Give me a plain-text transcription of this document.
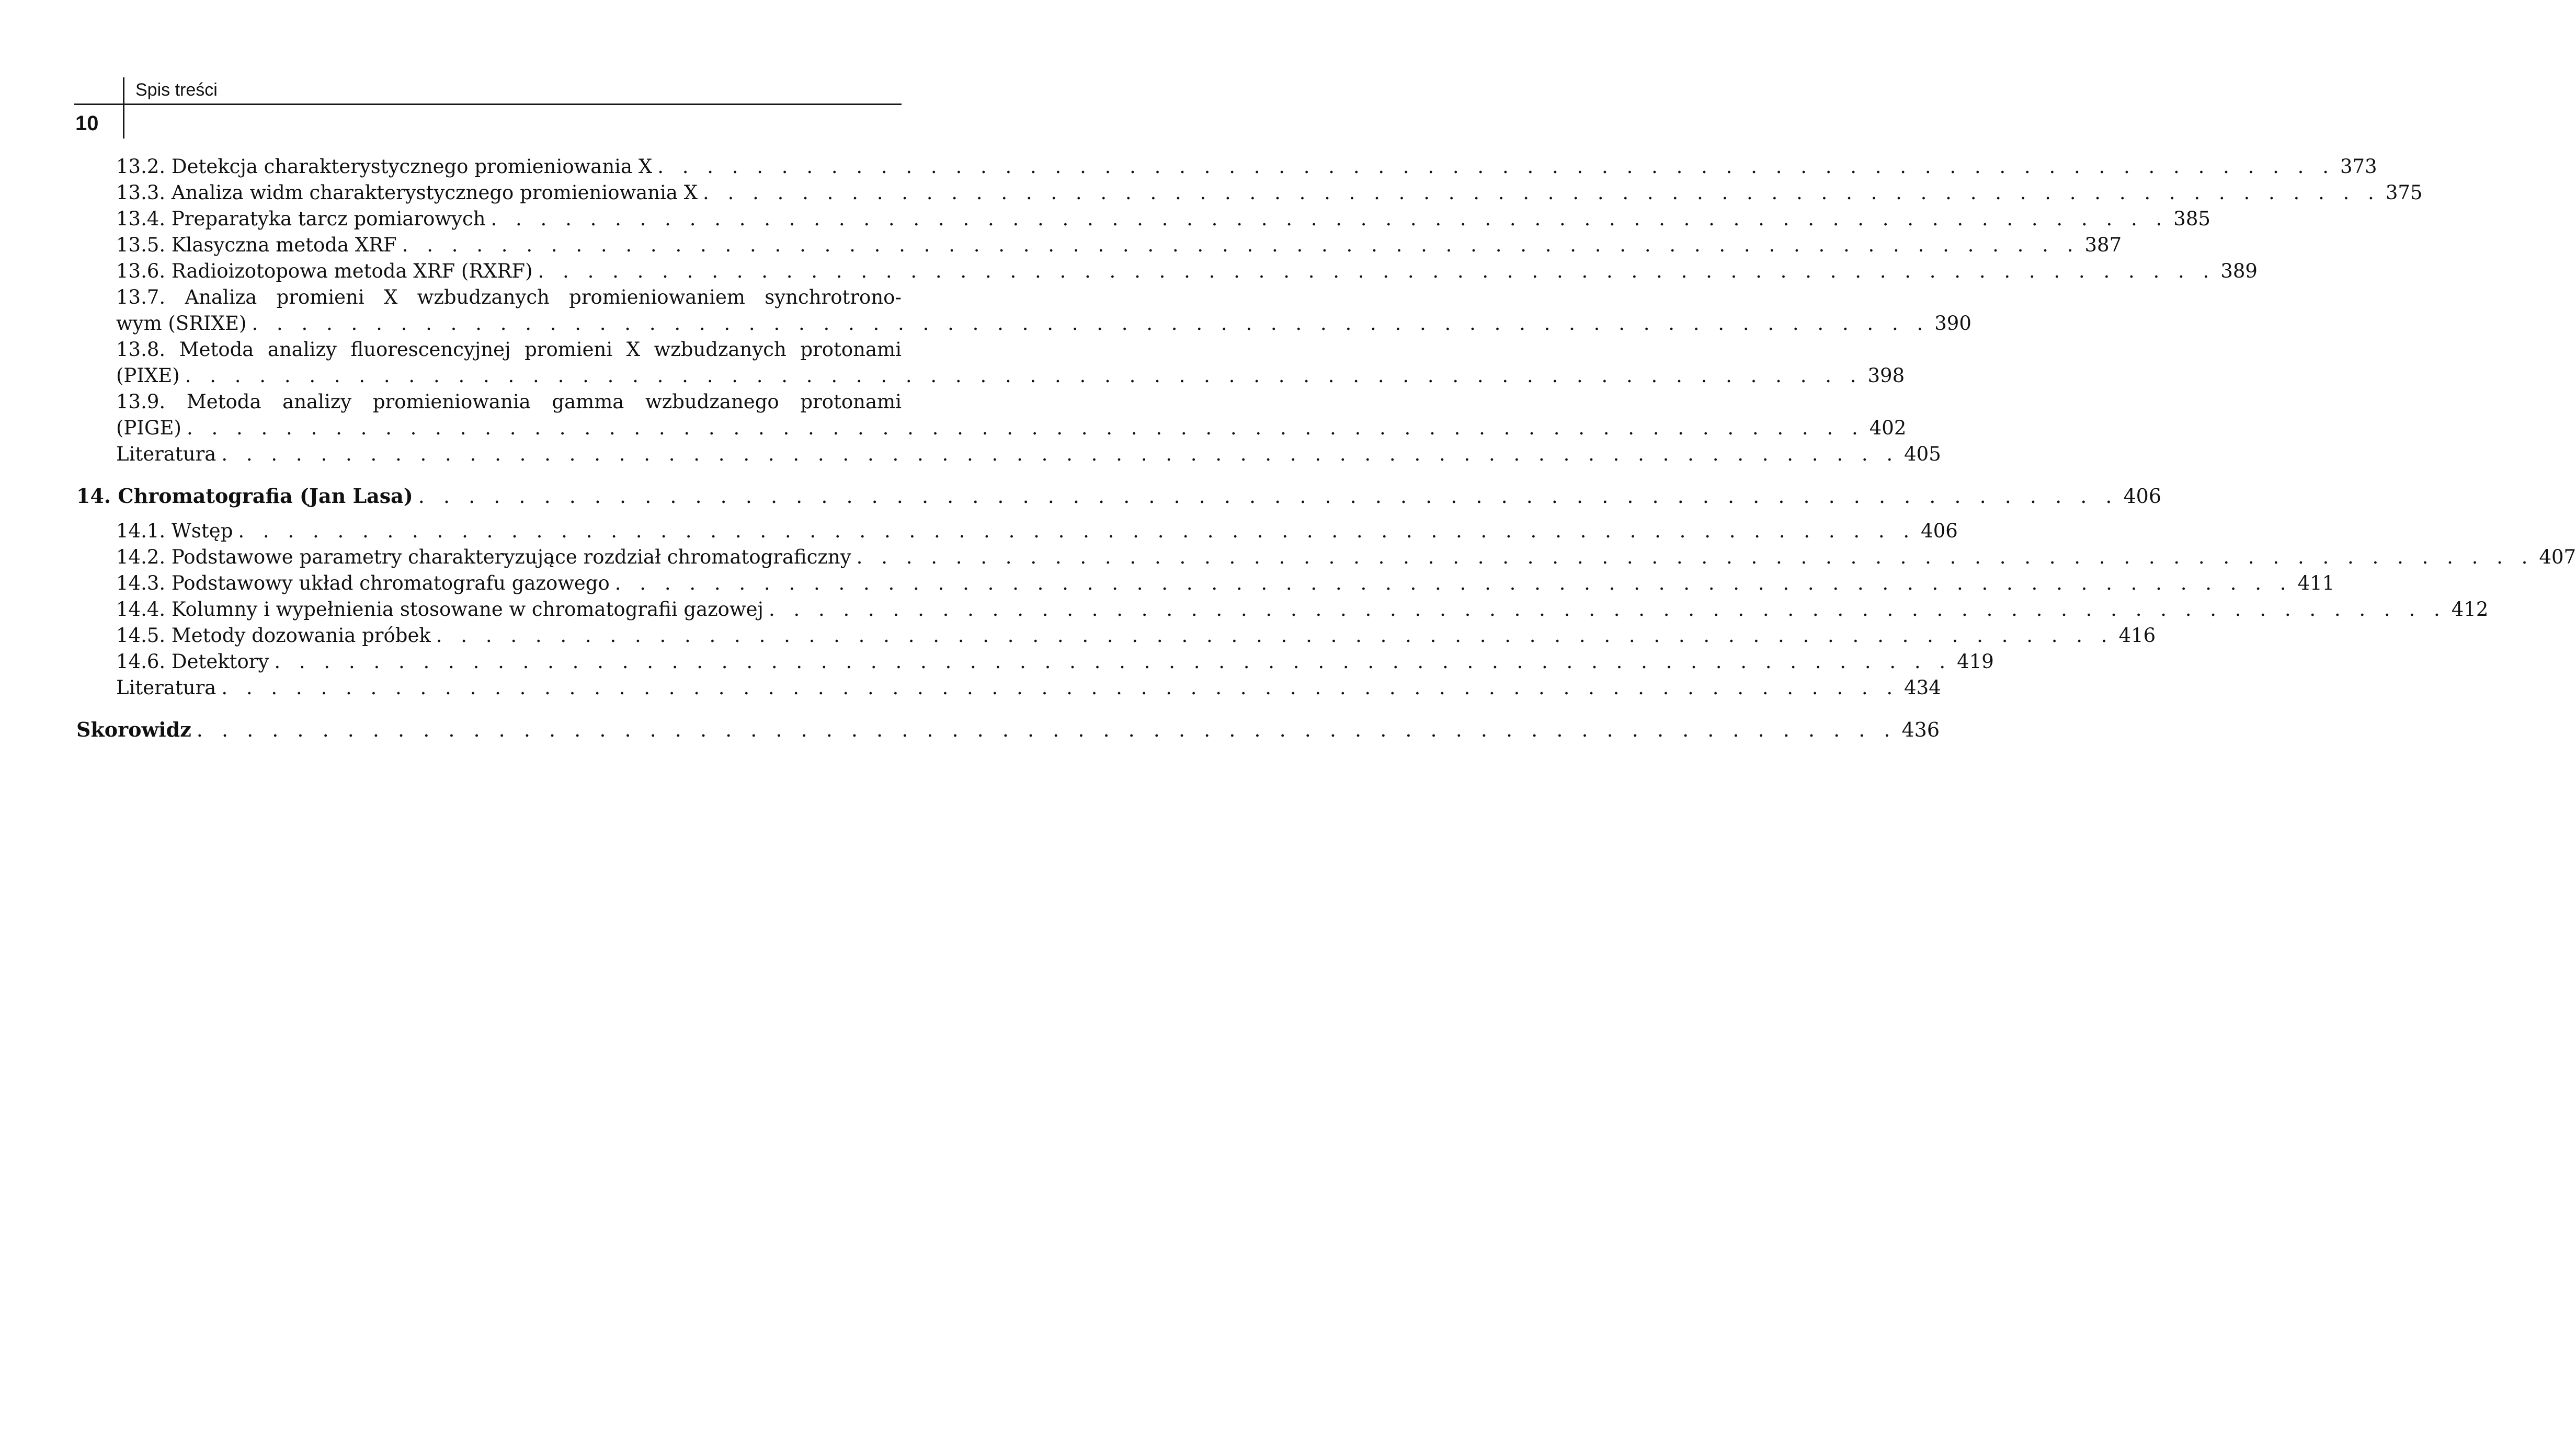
Spis treści
10
13.2. Detekcja charakterystycznego promieniowania X . . . . . . . . . . . . . . . . . . . . . . . . . . . . . . . . . . . . . . . . . . . . . . . . . . . . . . . . . . . . . . . . . . . . 373
13.3. Analiza widm charakterystycznego promieniowania X . . . . . . . . . . . . . . . . . . . . . . . . . . . . . . . . . . . . . . . . . . . . . . . . . . . . . . . . . . . . . . . . . . . . 375
13.4. Preparatyka tarcz pomiarowych . . . . . . . . . . . . . . . . . . . . . . . . . . . . . . . . . . . . . . . . . . . . . . . . . . . . . . . . . . . . . . . . . . . . 385
13.5. Klasyczna metoda XRF . . . . . . . . . . . . . . . . . . . . . . . . . . . . . . . . . . . . . . . . . . . . . . . . . . . . . . . . . . . . . . . . . . . . 387
13.6. Radioizotopowa metoda XRF (RXRF) . . . . . . . . . . . . . . . . . . . . . . . . . . . . . . . . . . . . . . . . . . . . . . . . . . . . . . . . . . . . . . . . . . . . 389
13.7. Analiza promieni X wzbudzanych promieniowaniem synchrotrono-
wym (SRIXE) . . . . . . . . . . . . . . . . . . . . . . . . . . . . . . . . . . . . . . . . . . . . . . . . . . . . . . . . . . . . . . . . . . . . 390
13.8. Metoda analizy fluorescencyjnej promieni X wzbudzanych protonami
(PIXE) . . . . . . . . . . . . . . . . . . . . . . . . . . . . . . . . . . . . . . . . . . . . . . . . . . . . . . . . . . . . . . . . . . . . 398
13.9. Metoda analizy promieniowania gamma wzbudzanego protonami
(PIGE) . . . . . . . . . . . . . . . . . . . . . . . . . . . . . . . . . . . . . . . . . . . . . . . . . . . . . . . . . . . . . . . . . . . . 402
Literatura . . . . . . . . . . . . . . . . . . . . . . . . . . . . . . . . . . . . . . . . . . . . . . . . . . . . . . . . . . . . . . . . . . . . 405
14. Chromatografia (Jan Lasa) . . . . . . . . . . . . . . . . . . . . . . . . . . . . . . . . . . . . . . . . . . . . . . . . . . . . . . . . . . . . . . . . . . . . 406
14.1. Wstęp . . . . . . . . . . . . . . . . . . . . . . . . . . . . . . . . . . . . . . . . . . . . . . . . . . . . . . . . . . . . . . . . . . . . 406
14.2. Podstawowe parametry charakteryzujące rozdział chromatograficzny . . . . . . . . . . . . . . . . . . . . . . . . . . . . . . . . . . . . . . . . . . . . . . . . . . . . . . . . . . . . . . . . . . . . 407
14.3. Podstawowy układ chromatografu gazowego . . . . . . . . . . . . . . . . . . . . . . . . . . . . . . . . . . . . . . . . . . . . . . . . . . . . . . . . . . . . . . . . . . . . 411
14.4. Kolumny i wypełnienia stosowane w chromatografii gazowej . . . . . . . . . . . . . . . . . . . . . . . . . . . . . . . . . . . . . . . . . . . . . . . . . . . . . . . . . . . . . . . . . . . . 412
14.5. Metody dozowania próbek . . . . . . . . . . . . . . . . . . . . . . . . . . . . . . . . . . . . . . . . . . . . . . . . . . . . . . . . . . . . . . . . . . . . 416
14.6. Detektory . . . . . . . . . . . . . . . . . . . . . . . . . . . . . . . . . . . . . . . . . . . . . . . . . . . . . . . . . . . . . . . . . . . . 419
Literatura . . . . . . . . . . . . . . . . . . . . . . . . . . . . . . . . . . . . . . . . . . . . . . . . . . . . . . . . . . . . . . . . . . . . 434
Skorowidz . . . . . . . . . . . . . . . . . . . . . . . . . . . . . . . . . . . . . . . . . . . . . . . . . . . . . . . . . . . . . . . . . . . . 436
